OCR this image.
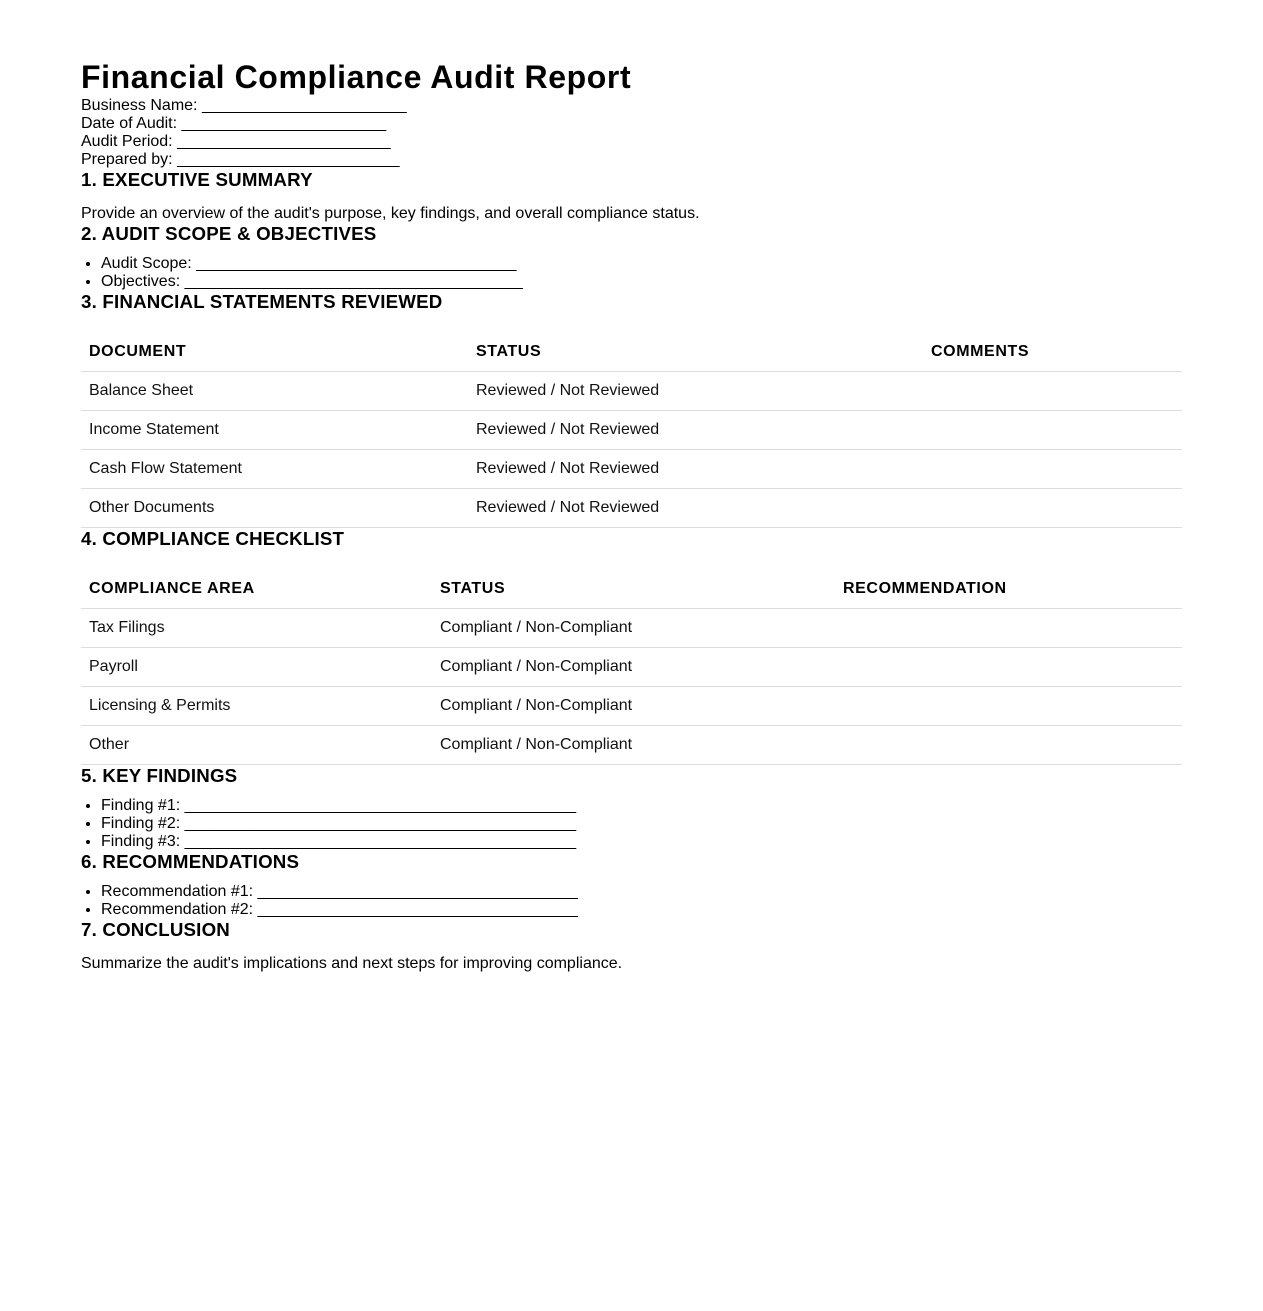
Financial Compliance Audit Report
Business Name: _______________________
Date of Audit: _______________________
Audit Period: ________________________
Prepared by: _________________________
1. EXECUTIVE SUMMARY

Provide an overview of the audit's purpose, key findings, and overall compliance status.

2. AUDIT SCOPE & OBJECTIVES
• Audit Scope: ____________________________________
• Objectives: ______________________________________
3. FINANCIAL STATEMENTS REVIEWED
DOCUMENT	STATUS	COMMENTS
Balance Sheet	Reviewed / Not Reviewed	
Income Statement	Reviewed / Not Reviewed	
Cash Flow Statement	Reviewed / Not Reviewed	
Other Documents	Reviewed / Not Reviewed	
4. COMPLIANCE CHECKLIST
COMPLIANCE AREA	STATUS	RECOMMENDATION
Tax Filings	Compliant / Non-Compliant	
Payroll	Compliant / Non-Compliant	
Licensing & Permits	Compliant / Non-Compliant	
Other	Compliant / Non-Compliant	
5. KEY FINDINGS
• Finding #1: ____________________________________________
• Finding #2: ____________________________________________
• Finding #3: ____________________________________________
6. RECOMMENDATIONS
• Recommendation #1: ____________________________________
• Recommendation #2: ____________________________________
7. CONCLUSION

Summarize the audit's implications and next steps for improving compliance.
